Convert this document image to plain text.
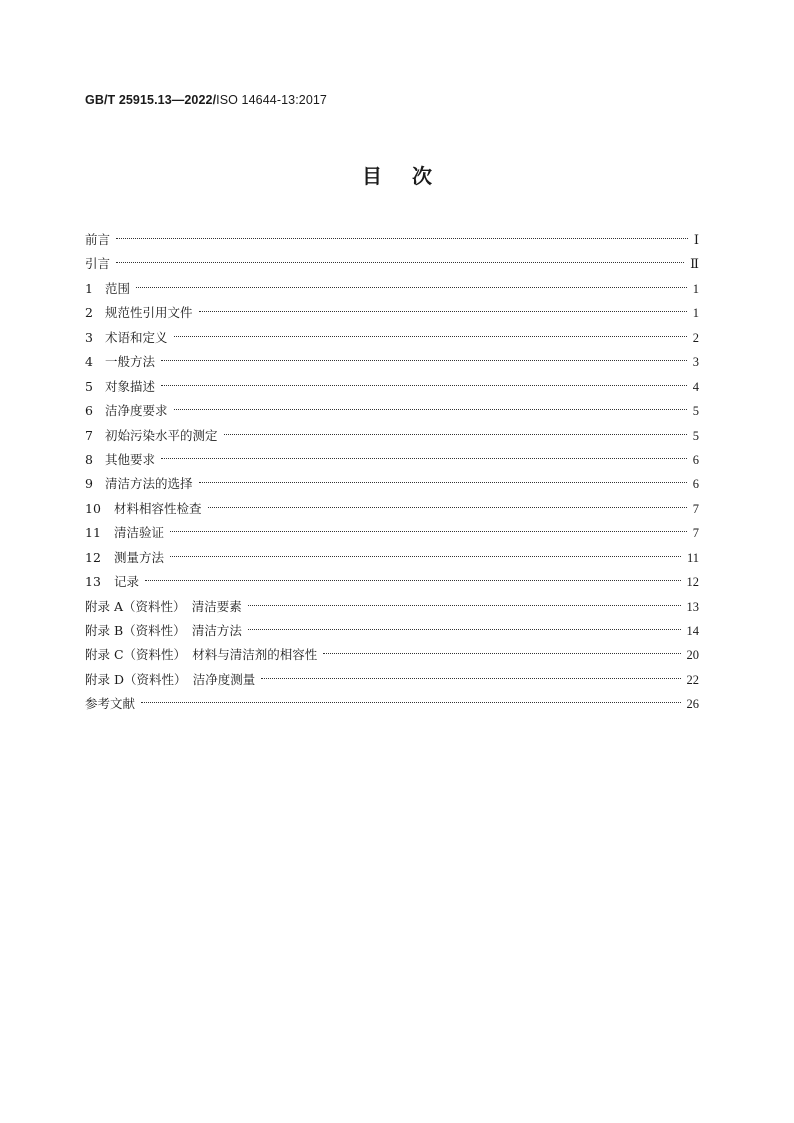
GB/T 25915.13—2022/ISO 14644-13:2017
目 次
前言	Ⅰ
引言	Ⅱ
1 范围	1
2 规范性引用文件	1
3 术语和定义	2
4 一般方法	3
5 对象描述	4
6 洁净度要求	5
7 初始污染水平的测定	5
8 其他要求	6
9 清洁方法的选择	6
10 材料相容性检查	7
11 清洁验证	7
12 测量方法	11
13 记录	12
附录 A（资料性）　清洁要素	13
附录 B（资料性）　清洁方法	14
附录 C（资料性）　材料与清洁剂的相容性	20
附录 D（资料性）　洁净度测量	22
参考文献	26
